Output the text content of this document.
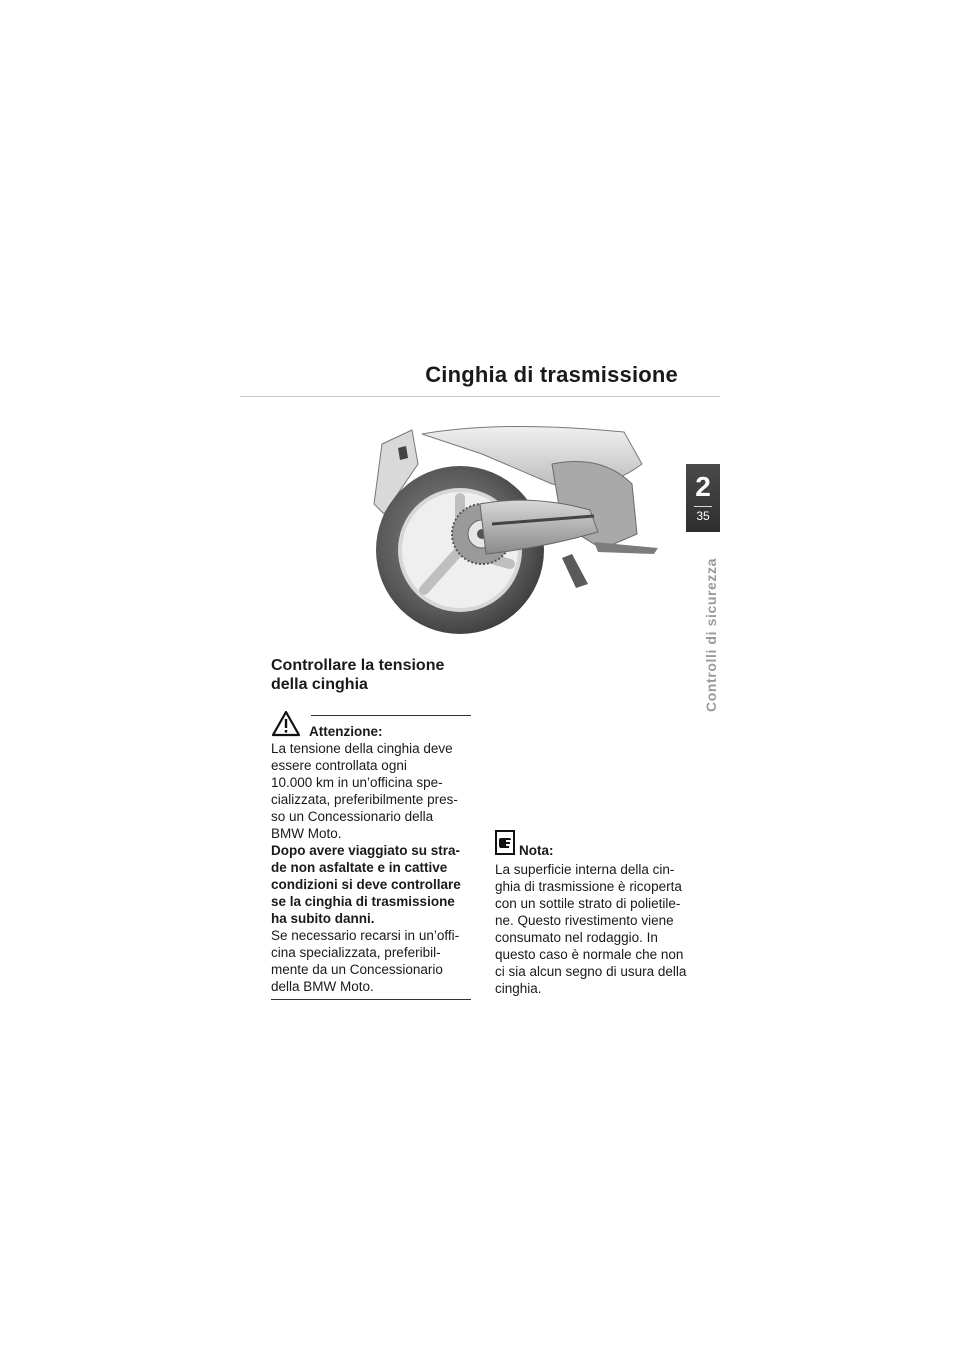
Cinghia di trasmissione
2
35
Controlli di sicurezza
Controllare la tensione
della cinghia
Attenzione:

La tensione della cinghia deve
essere controllata ogni
10.000 km in un’officina spe-
cializzata, preferibilmente pres-
so un Concessionario della
BMW Moto.

Dopo avere viaggiato su stra-
de non asfaltate e in cattive
condizioni si deve controllare
se la cinghia di trasmissione
ha subito danni.

Se necessario recarsi in un’offi-
cina specializzata, preferibil-
mente da un Concessionario
della BMW Moto.

Nota:

La superficie interna della cin-
ghia di trasmissione è ricoperta
con un sottile strato di polietile-
ne. Questo rivestimento viene
consumato nel rodaggio. In
questo caso è normale che non
ci sia alcun segno di usura della
cinghia.
